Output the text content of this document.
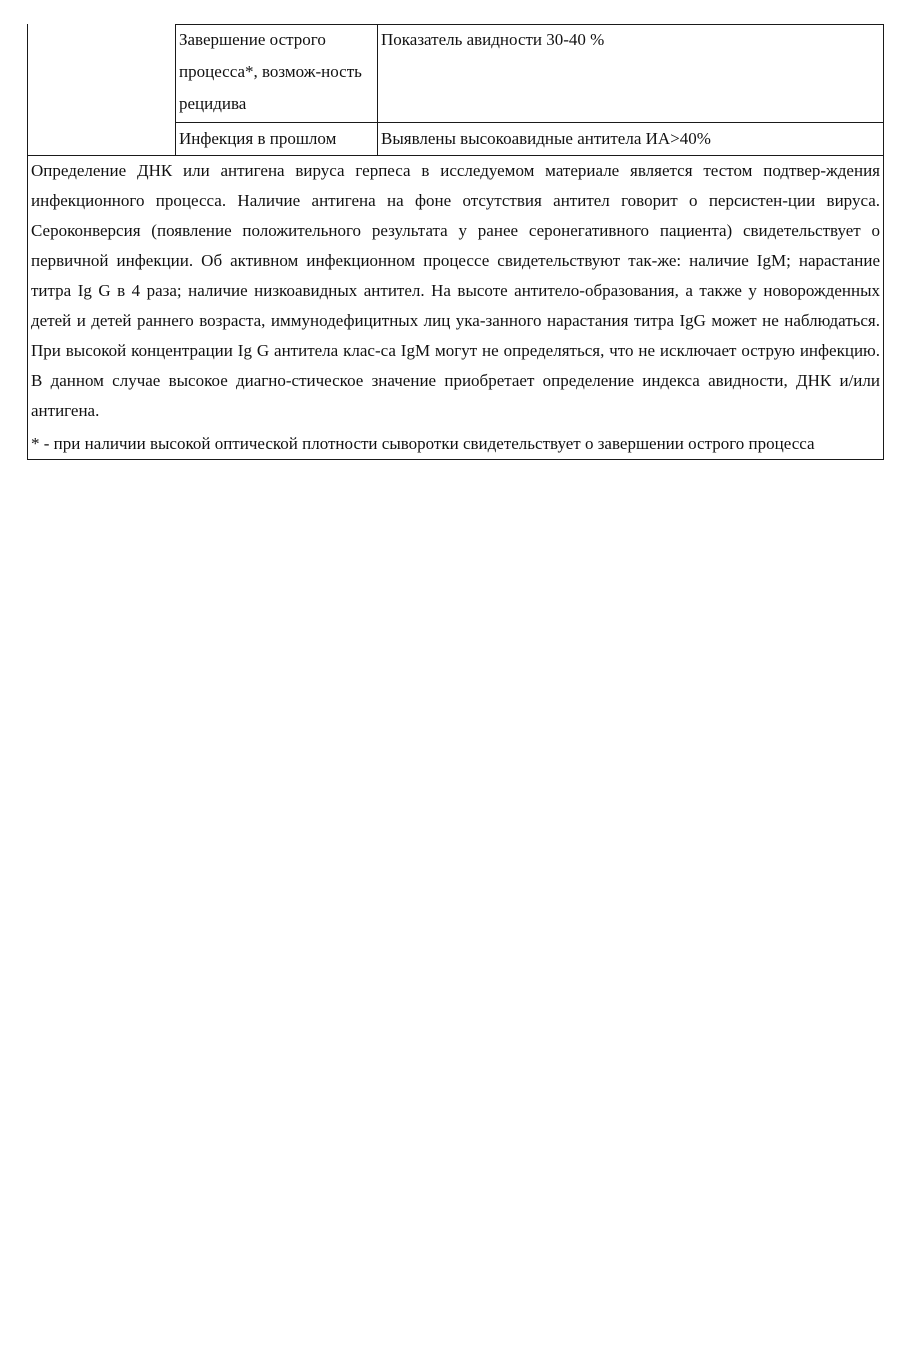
	Завершение острого процесса*, возмож-ность рецидива	Показатель авидности 30-40 %
	Инфекция в прошлом	Выявлены высокоавидные антитела ИА>40%

Определение ДНК или антигена вируса герпеса в исследуемом материале является тестом подтвер-ждения инфекционного процесса. Наличие антигена на фоне отсутствия антител говорит о персистен-ции вируса. Сероконверсия (появление положительного результата у ранее серонегативного пациента) свидетельствует о первичной инфекции. Об активном инфекционном процессе свидетельствуют так-же: наличие IgM; нарастание титра Ig G в 4 раза; наличие низкоавидных антител. На высоте антитело-образования, а также у новорожденных детей и детей раннего возраста, иммунодефицитных лиц ука-занного нарастания титра IgG может не наблюдаться. При высокой концентрации Ig G антитела клас-са IgM могут не определяться, что не исключает острую инфекцию. В данном случае высокое диагно-стическое значение приобретает определение индекса авидности, ДНК и/или антигена.

* - при наличии высокой оптической плотности сыворотки свидетельствует о завершении острого процесса		
